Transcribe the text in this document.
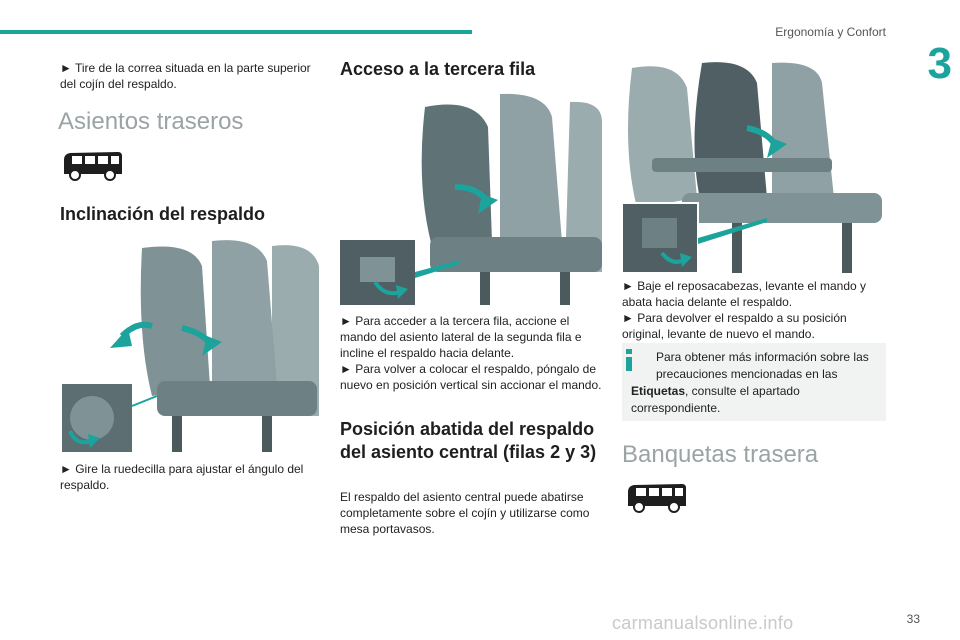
Ergonomía y Confort
3
► Tire de la correa situada en la parte superior del cojín del respaldo.
Asientos traseros
Inclinación del respaldo
► Gire la ruedecilla para ajustar el ángulo del respaldo.
Acceso a la tercera fila
► Para acceder a la tercera fila, accione el mando del asiento lateral de la segunda fila e incline el respaldo hacia delante.
► Para volver a colocar el respaldo, póngalo de nuevo en posición vertical sin accionar el mando.
Posición abatida del respaldo del asiento central (filas 2 y 3)
El respaldo del asiento central puede abatirse completamente sobre el cojín y utilizarse como mesa portavasos.
► Baje el reposacabezas, levante el mando y abata hacia delante el respaldo.
► Para devolver el respaldo a su posición original, levante de nuevo el mando.
Para obtener más información sobre las precauciones mencionadas en las
Etiquetas, consulte el apartado correspondiente.
Banquetas trasera
carmanualsonline.info	33
